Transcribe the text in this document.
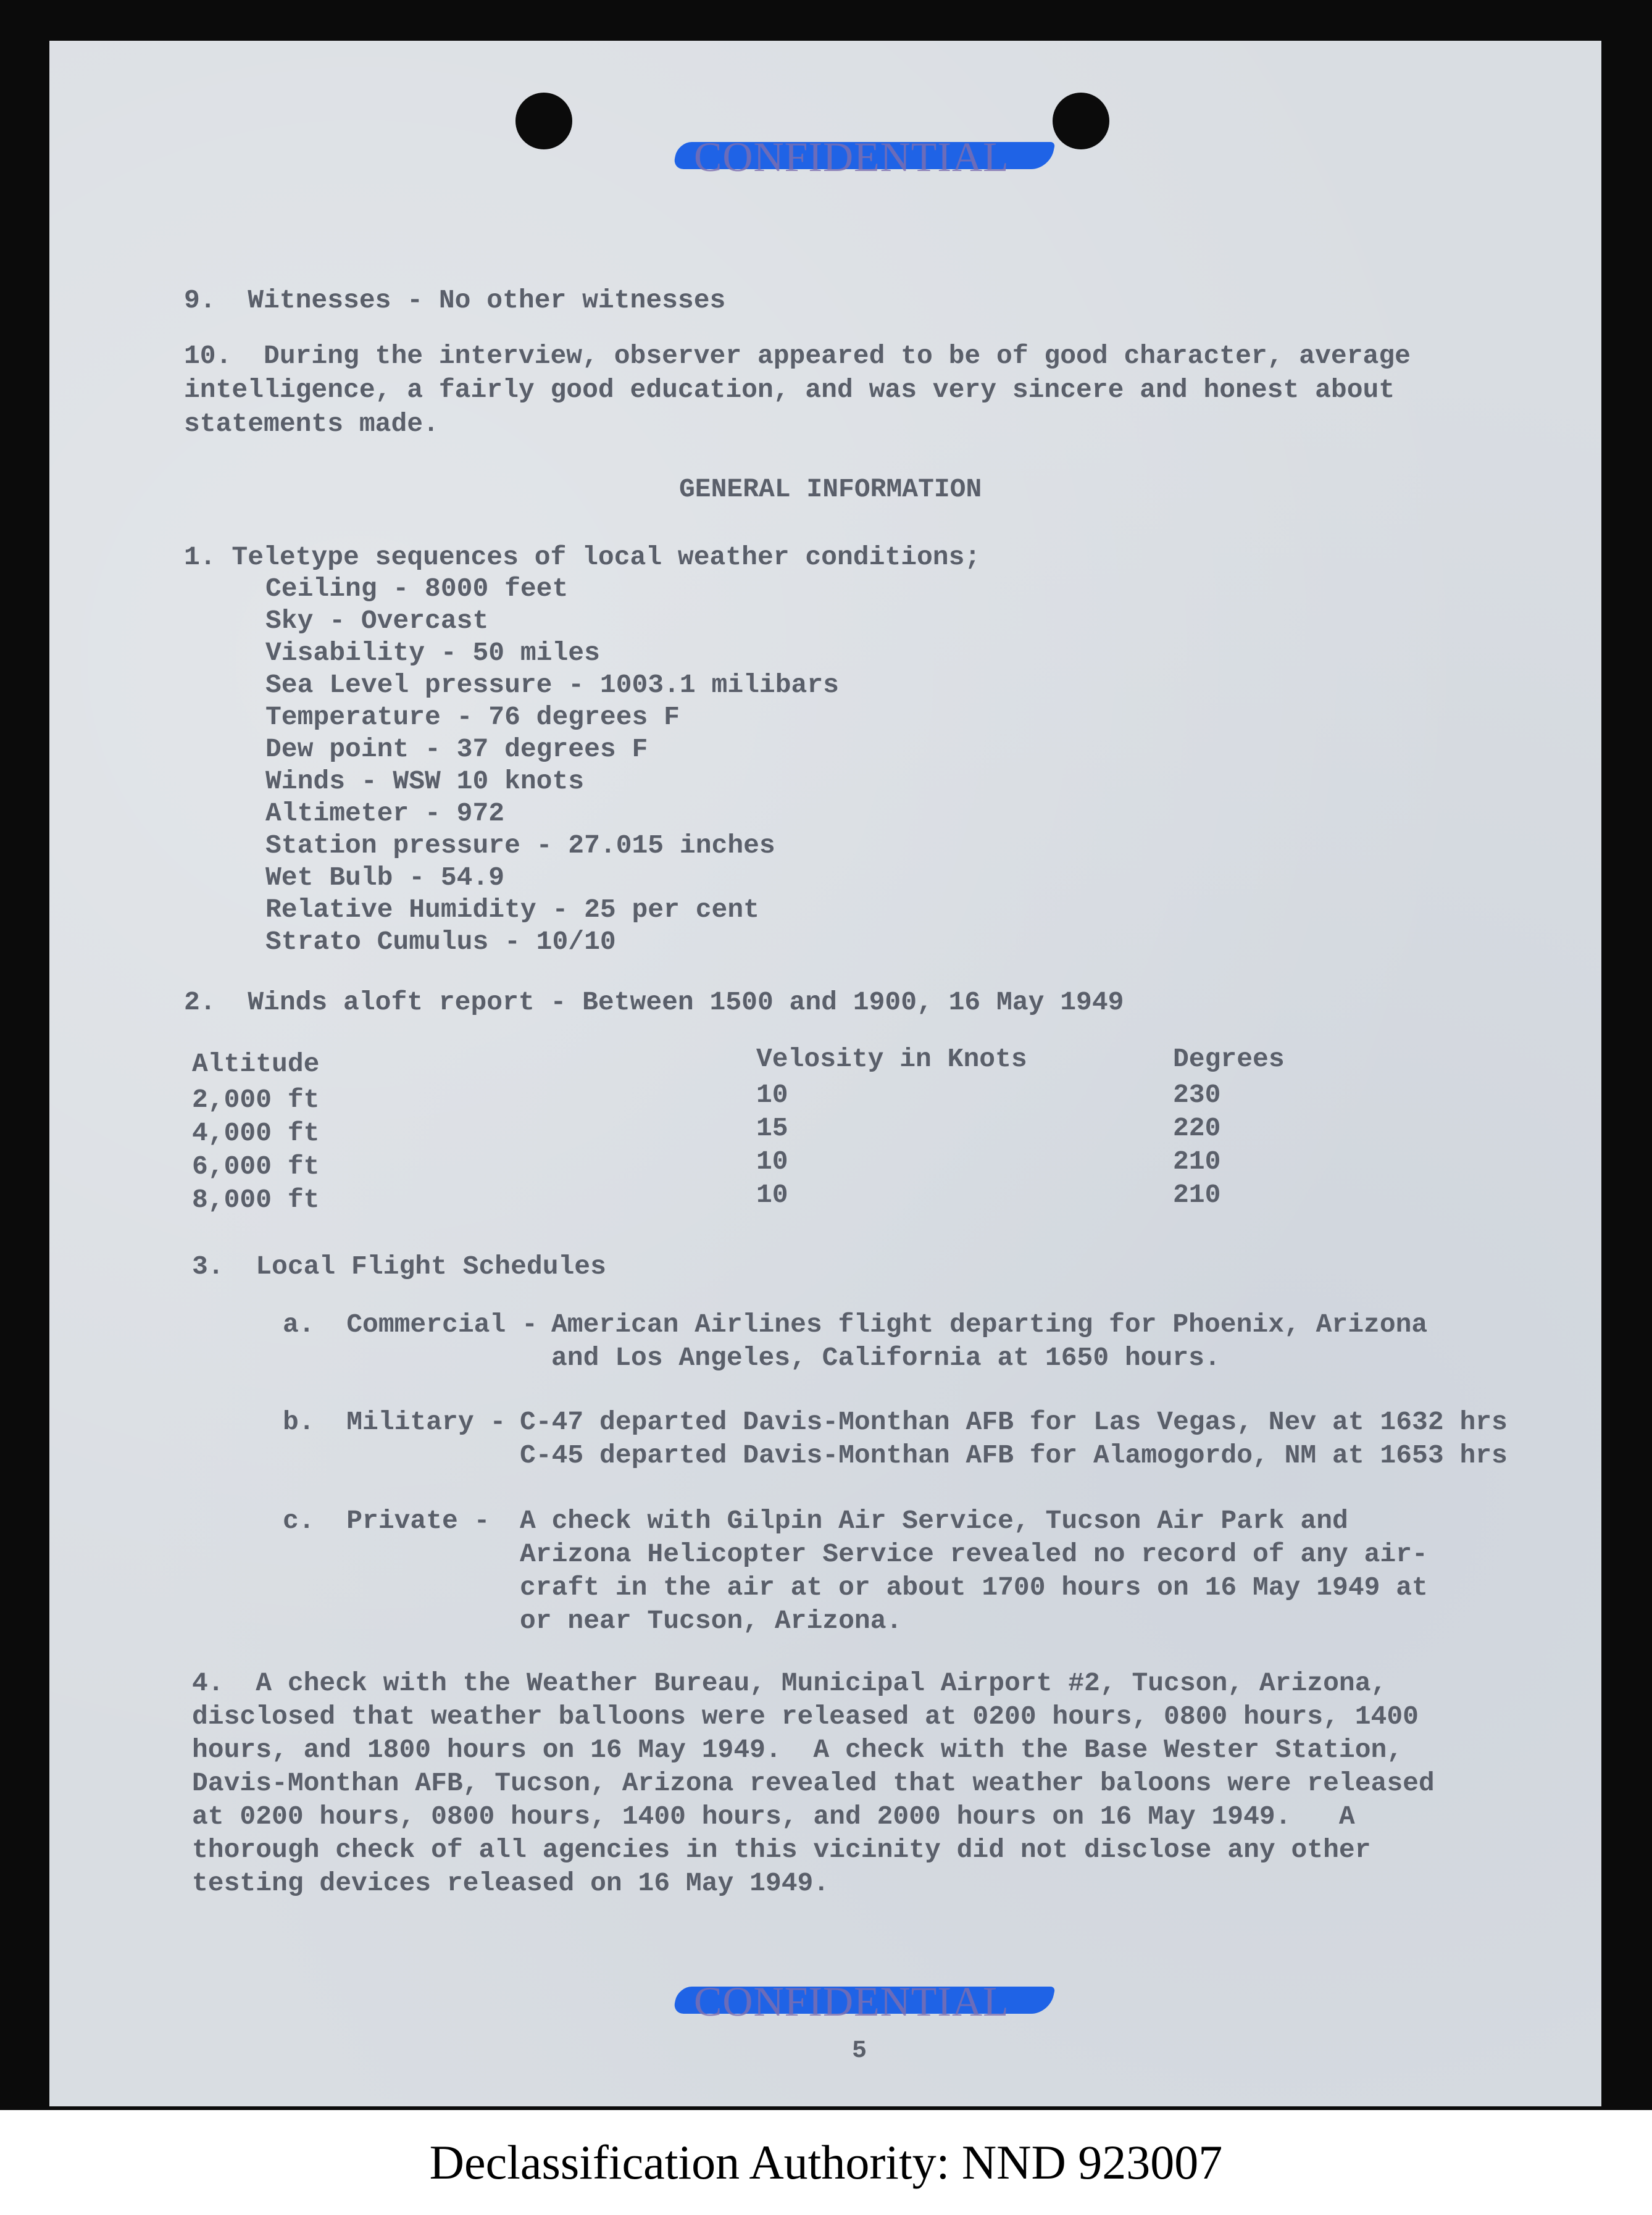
CONFIDENTIAL
9.  Witnesses - No other witnesses
10.  During the interview, observer appeared to be of good character, average
intelligence, a fairly good education, and was very sincere and honest about
statements made.
GENERAL INFORMATION
1. Teletype sequences of local weather conditions;
Ceiling - 8000 feet
Sky - Overcast
Visability - 50 miles
Sea Level pressure - 1003.1 milibars
Temperature - 76 degrees F
Dew point - 37 degrees F
Winds - WSW 10 knots
Altimeter - 972
Station pressure - 27.015 inches
Wet Bulb - 54.9
Relative Humidity - 25 per cent
Strato Cumulus - 10/10
2.  Winds aloft report - Between 1500 and 1900, 16 May 1949
Altitude	Velosity in Knots	Degrees
2,000 ft	10	230
4,000 ft	15	220
6,000 ft	10	210
8,000 ft	10	210
3.  Local Flight Schedules
a.  Commercial - American Airlines flight departing for Phoenix, Arizona
and Los Angeles, California at 1650 hours.
b.  Military - C-47 departed Davis-Monthan AFB for Las Vegas, Nev at 1632 hrs
C-45 departed Davis-Monthan AFB for Alamogordo, NM at 1653 hrs
c.  Private - A check with Gilpin Air Service, Tucson Air Park and
Arizona Helicopter Service revealed no record of any air-
craft in the air at or about 1700 hours on 16 May 1949 at
or near Tucson, Arizona.
4.  A check with the Weather Bureau, Municipal Airport #2, Tucson, Arizona,
disclosed that weather balloons were released at 0200 hours, 0800 hours, 1400
hours, and 1800 hours on 16 May 1949.  A check with the Base Wester Station,
Davis-Monthan AFB, Tucson, Arizona revealed that weather baloons were released
at 0200 hours, 0800 hours, 1400 hours, and 2000 hours on 16 May 1949.   A
thorough check of all agencies in this vicinity did not disclose any other
testing devices released on 16 May 1949.
CONFIDENTIAL
5
Declassification Authority: NND 923007
